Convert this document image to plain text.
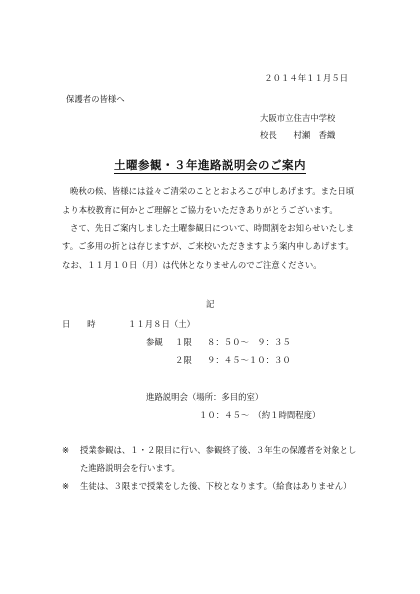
２０１４年１１月５日
保護者の皆様へ
大阪市立住吉中学校
校長　　村瀬　香織
土曜参観・３年進路説明会のご案内
晩秋の候、皆様には益々ご清栄のこととおよろこび申しあげます。また日頃
より本校教育に何かとご理解とご協力をいただきありがとうございます。
さて、先日ご案内しました土曜参観日について、時間割をお知らせいたしま
す。ご多用の折とは存じますが、ご来校いただきますよう案内申しあげます。
なお、１１月１０日（月）は代休となりませんのでご注意ください。
記
日　　時	１１月８日（土）
参観 １限 ８：５０～　９：３５
２限 ９：４５～１０：３０
進路説明会（場所：多目的室）
１０：４５～　（約１時間程度）
※ 授業参観は、１・２限目に行い、参観終了後、３年生の保護者を対象とし
た進路説明会を行います。
※ 生徒は、３限まで授業をした後、下校となります。（給食はありません）
